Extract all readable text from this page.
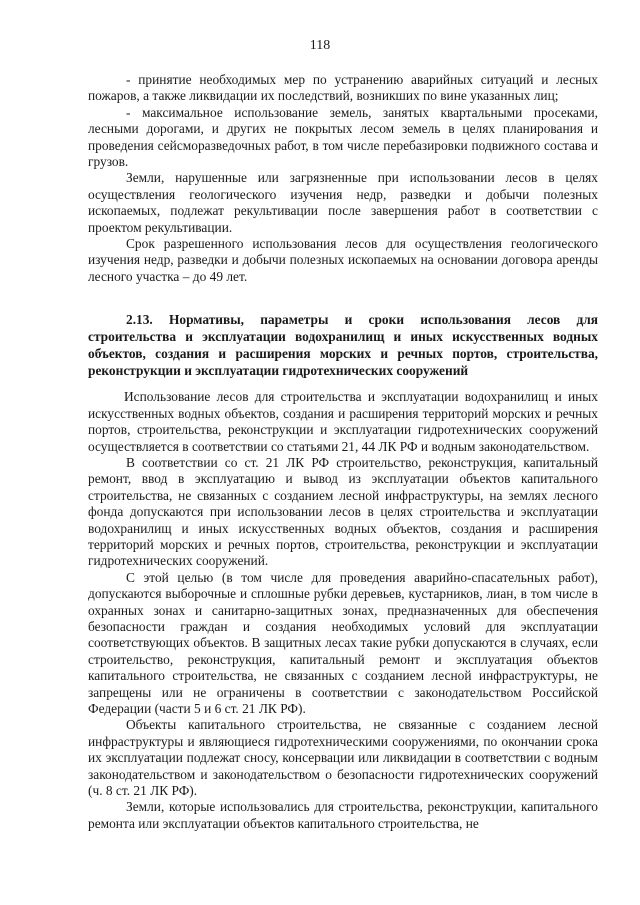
118

- принятие необходимых мер по устранению аварийных ситуаций и лесных пожаров, а также ликвидации их последствий, возникших по вине указанных лиц;

- максимальное использование земель, занятых квартальными просеками, лесными дорогами, и других не покрытых лесом земель в целях планирования и проведения сейсморазведочных работ, в том числе перебазировки подвижного состава и грузов.

Земли, нарушенные или загрязненные при использовании лесов в целях осуществления геологического изучения недр, разведки и добычи полезных ископаемых, подлежат рекультивации после завершения работ в соответствии с проектом рекультивации.

Срок разрешенного использования лесов для осуществления геологического изучения недр, разведки и добычи полезных ископаемых на основании договора аренды лесного участка – до 49 лет.

2.13. Нормативы, параметры и сроки использования лесов для строительства и эксплуатации водохранилищ и иных искусственных водных объектов, создания и расширения морских и речных портов, строительства, реконструкции и эксплуатации гидротехнических сооружений

Использование лесов для строительства и эксплуатации водохранилищ и иных искусственных водных объектов, создания и расширения территорий морских и речных портов, строительства, реконструкции и эксплуатации гидротехнических сооружений осуществляется в соответствии со статьями 21, 44 ЛК РФ и водным законодательством.

В соответствии со ст. 21 ЛК РФ строительство, реконструкция, капитальный ремонт, ввод в эксплуатацию и вывод из эксплуатации объектов капитального строительства, не связанных с созданием лесной инфраструктуры, на землях лесного фонда допускаются при использовании лесов в целях строительства и эксплуатации водохранилищ и иных искусственных водных объектов, создания и расширения территорий морских и речных портов, строительства, реконструкции и эксплуатации гидротехнических сооружений.

С этой целью (в том числе для проведения аварийно-спасательных работ), допускаются выборочные и сплошные рубки деревьев, кустарников, лиан, в том числе в охранных зонах и санитарно-защитных зонах, предназначенных для обеспечения безопасности граждан и создания необходимых условий для эксплуатации соответствующих объектов. В защитных лесах такие рубки допускаются в случаях, если строительство, реконструкция, капитальный ремонт и эксплуатация объектов капитального строительства, не связанных с созданием лесной инфраструктуры, не запрещены или не ограничены в соответствии с законодательством Российской Федерации (части 5 и 6 ст. 21 ЛК РФ).

Объекты капитального строительства, не связанные с созданием лесной инфраструктуры и являющиеся гидротехническими сооружениями, по окончании срока их эксплуатации подлежат сносу, консервации или ликвидации в соответствии с водным законодательством и законодательством о безопасности гидротехнических сооружений (ч. 8 ст. 21 ЛК РФ).

Земли, которые использовались для строительства, реконструкции, капитального ремонта или эксплуатации объектов капитального строительства, не
